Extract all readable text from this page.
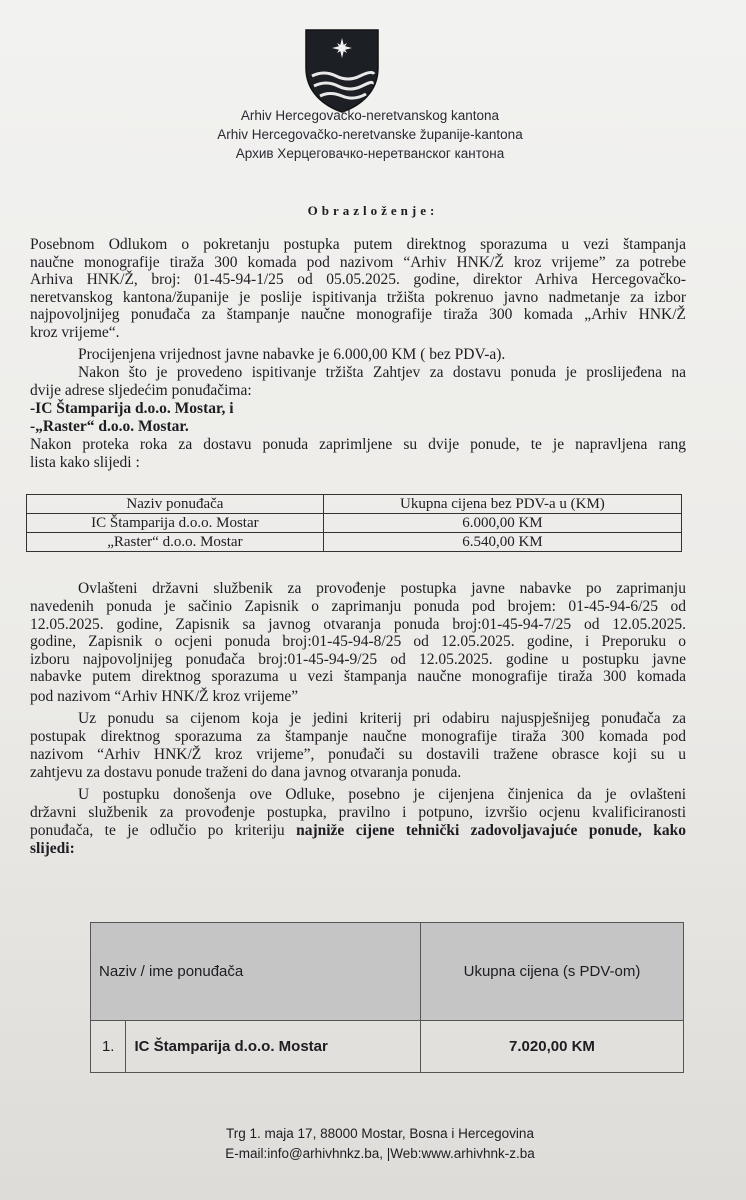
Arhiv Hercegovačko-neretvanskog kantona
Arhiv Hercegovačko-neretvanske županije-kantona
Архив Херцеговачко-неретванског кантона
Obrazloženje:
Posebnom Odlukom o pokretanju postupka putem direktnog sporazuma u vezi štampanja
naučne monografije tiraža 300 komada pod nazivom “Arhiv HNK/Ž kroz vrijeme” za potrebe
Arhiva HNK/Ž, broj: 01-45-94-1/25 od 05.05.2025. godine, direktor Arhiva Hercegovačko-
neretvanskog kantona/županije je poslije ispitivanja tržišta pokrenuo javno nadmetanje za izbor
najpovoljnijeg ponuđača za štampanje naučne monografije tiraža 300 komada „Arhiv HNK/Ž
kroz vrijeme“.
Procijenjena vrijednost javne nabavke je 6.000,00 KM ( bez PDV-a).
Nakon što je provedeno ispitivanje tržišta Zahtjev za dostavu ponuda je proslijeđena na
dvije adrese sljedećim ponuđačima:
-IC Štamparija d.o.o. Mostar, i
-„Raster“ d.o.o. Mostar.
Nakon proteka roka za dostavu ponuda zaprimljene su dvije ponude, te je napravljena rang
lista kako slijedi :
Naziv ponuđača	Ukupna cijena bez PDV-a u (KM)
IC Štamparija d.o.o. Mostar	6.000,00 KM
„Raster“ d.o.o. Mostar	6.540,00 KM
Ovlašteni državni službenik za provođenje postupka javne nabavke po zaprimanju
navedenih ponuda je sačinio Zapisnik o zaprimanju ponuda pod brojem: 01-45-94-6/25 od
12.05.2025. godine, Zapisnik sa javnog otvaranja ponuda broj:01-45-94-7/25 od 12.05.2025.
godine, Zapisnik o ocjeni ponuda broj:01-45-94-8/25 od 12.05.2025. godine, i Preporuku o
izboru najpovoljnijeg ponuđača broj:01-45-94-9/25 od 12.05.2025. godine u postupku javne
nabavke putem direktnog sporazuma u vezi štampanja naučne monografije tiraža 300 komada
pod nazivom “Arhiv HNK/Ž kroz vrijeme”
Uz ponudu sa cijenom koja je jedini kriterij pri odabiru najuspješnijeg ponuđača za
postupak direktnog sporazuma za štampanje naučne monografije tiraža 300 komada pod
nazivom “Arhiv HNK/Ž kroz vrijeme”, ponuđači su dostavili tražene obrasce koji su u
zahtjevu za dostavu ponude traženi do dana javnog otvaranja ponuda.
U postupku donošenja ove Odluke, posebno je cijenjena činjenica da je ovlašteni
državni službenik za provođenje postupka, pravilno i potpuno, izvršio ocjenu kvalificiranosti
ponuđača, te je odlučio po kriteriju najniže cijene tehnički zadovoljavajuće ponude, kako
slijedi:
Naziv / ime ponuđača		Ukupna cijena (s PDV-om)
1.	IC Štamparija d.o.o. Mostar	7.020,00 KM
Trg 1. maja 17, 88000 Mostar, Bosna i Hercegovina
E-mail:info@arhivhnkz.ba, |Web:www.arhivhnk-z.ba
